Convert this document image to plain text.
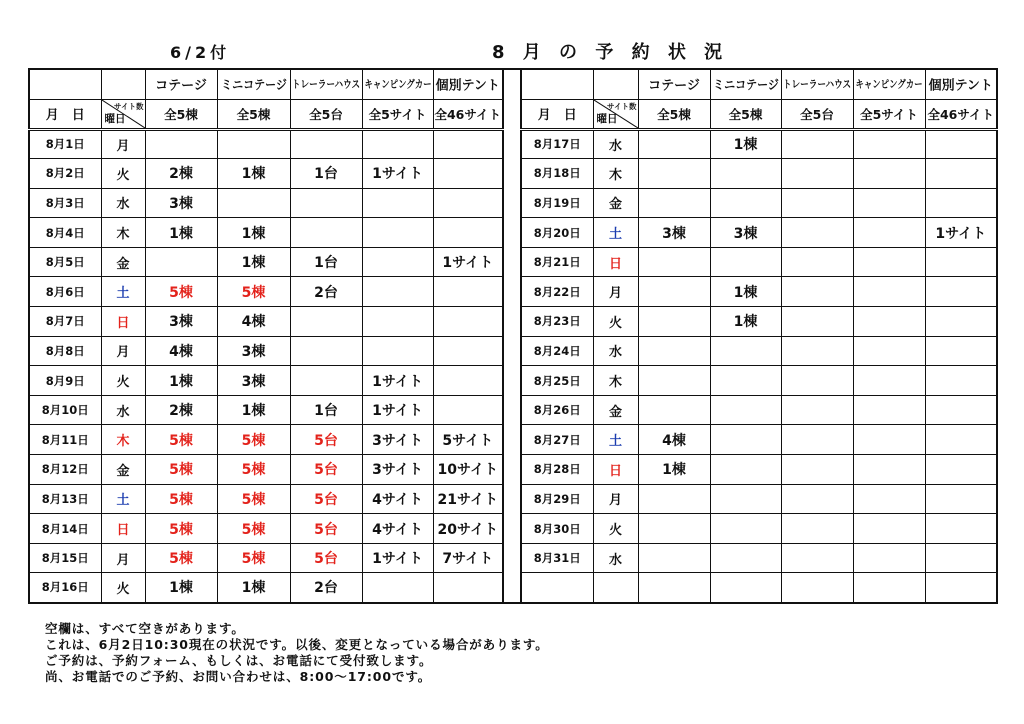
6/2付	8 月 の 予 約 状 況

		コテージ	ミニコテージ	トレーラーハウス	キャンピングカー	個別テント

月　日	サイト数
曜日	全5棟	全5棟	全5台	全5サイト	全46サイト
8月1日	月					
8月2日	火	2棟	1棟	1台	1サイト	
8月3日	水	3棟				
8月4日	木	1棟	1棟			
8月5日	金		1棟	1台		1サイト
8月6日	土	5棟	5棟	2台		
8月7日	日	3棟	4棟			
8月8日	月	4棟	3棟			
8月9日	火	1棟	3棟		1サイト	
8月10日	水	2棟	1棟	1台	1サイト	
8月11日	木	5棟	5棟	5台	3サイト	5サイト
8月12日	金	5棟	5棟	5台	3サイト	10サイト
8月13日	土	5棟	5棟	5台	4サイト	21サイト
8月14日	日	5棟	5棟	5台	4サイト	20サイト
8月15日	月	5棟	5棟	5台	1サイト	7サイト
8月16日	火	1棟	1棟	2台		

		コテージ	ミニコテージ	トレーラーハウス	キャンピングカー	個別テント

月　日	サイト数
曜日	全5棟	全5棟	全5台	全5サイト	全46サイト
8月17日	水		1棟			
8月18日	木					
8月19日	金					
8月20日	土	3棟	3棟			1サイト
8月21日	日					
8月22日	月		1棟			
8月23日	火		1棟			
8月24日	水					
8月25日	木					
8月26日	金					
8月27日	土	4棟				
8月28日	日	1棟				
8月29日	月					
8月30日	火					
8月31日	水					

空欄は、すべて空きがあります。
これは、6月2日10:30現在の状況です。以後、変更となっている場合があります。
ご予約は、予約フォーム、もしくは、お電話にて受付致します。
尚、お電話でのご予約、お問い合わせは、8:00～17:00です。
